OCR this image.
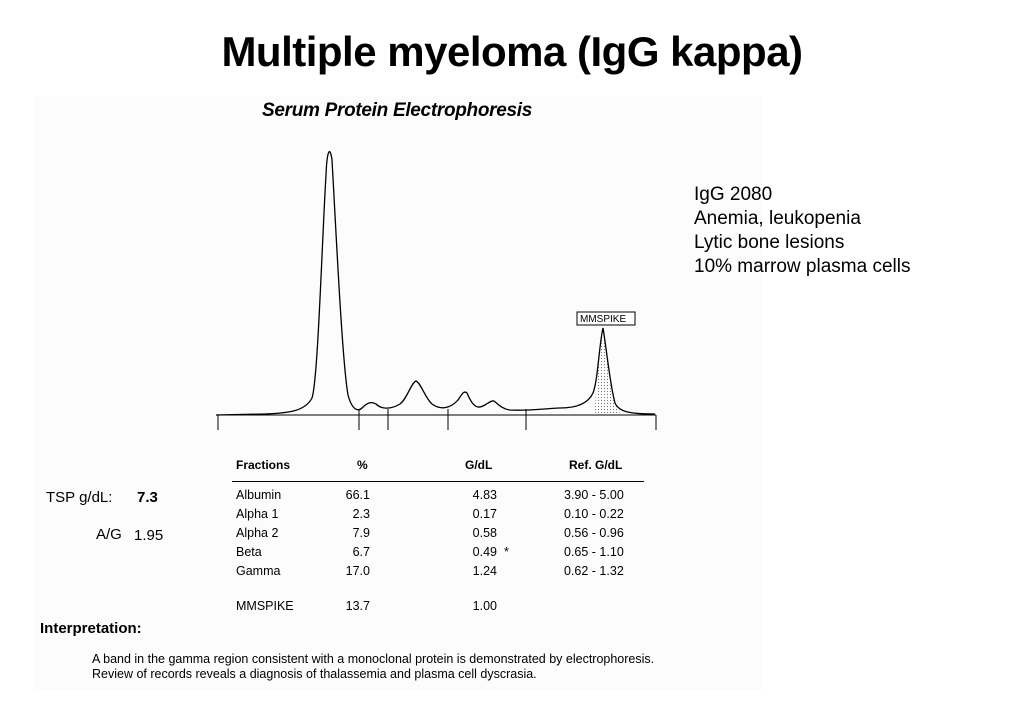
Multiple myeloma (IgG kappa)
Serum Protein Electrophoresis
MMSPIKE
IgG 2080
Anemia, leukopenia
Lytic bone lesions
10% marrow plasma cells
TSP g/dL: 7.3
A/G 1.95
Fractions	%	G/dL	Ref. G/dL
Albumin	66.1	4.83	3.90 - 5.00
Alpha 1	2.3	0.17	0.10 - 0.22
Alpha 2	7.9	0.58	0.56 - 0.96
Beta	6.7	0.49 *	0.65 - 1.10
Gamma	17.0	1.24	0.62 - 1.32
MMSPIKE	13.7	1.00
Interpretation:
A band in the gamma region consistent with a monoclonal protein is demonstrated by electrophoresis.
Review of records reveals a diagnosis of thalassemia and plasma cell dyscrasia.
